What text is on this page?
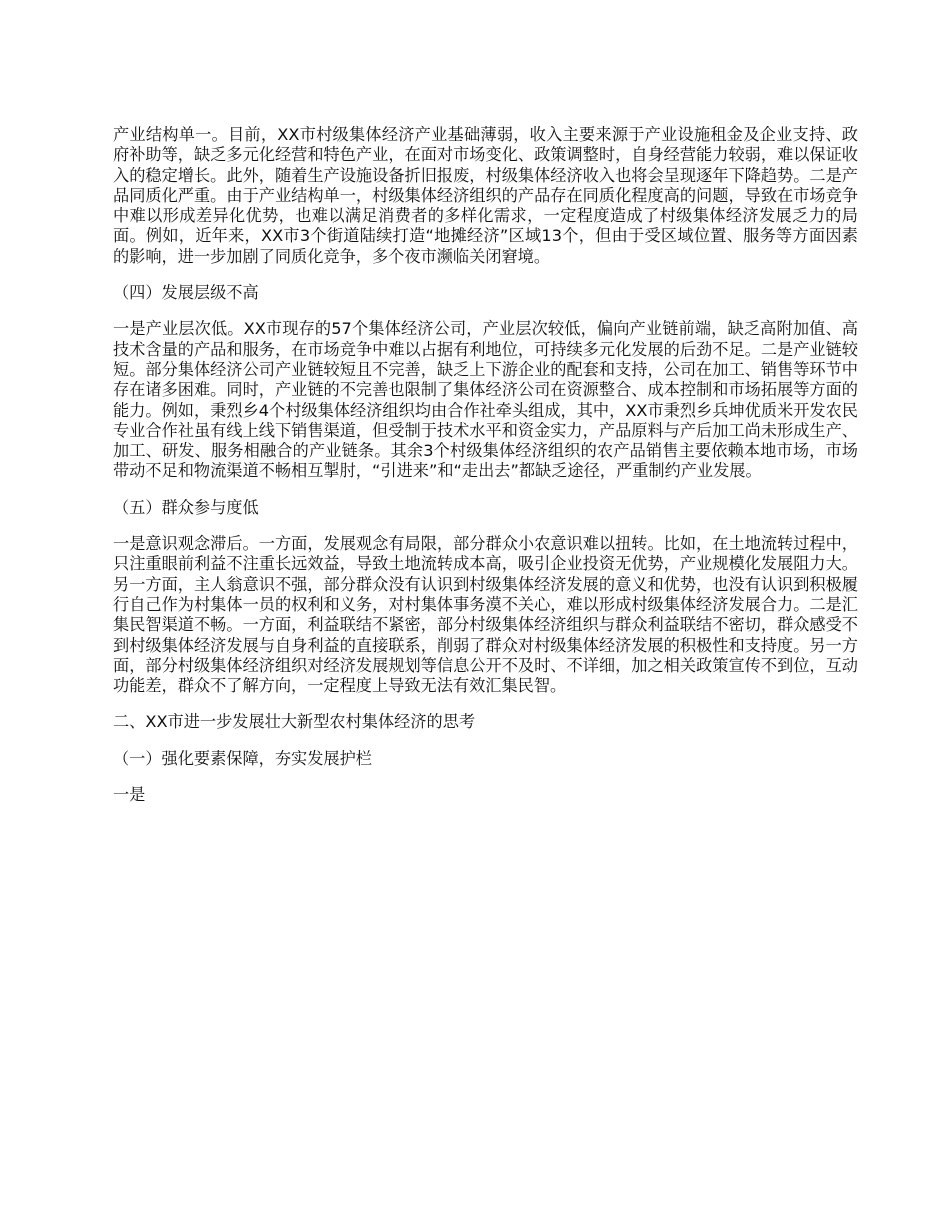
产业结构单一。目前，XX市村级集体经济产业基础薄弱，收入主要来源于产业设施租金及企业支持、政府补助等，缺乏多元化经营和特色产业，在面对市场变化、政策调整时，自身经营能力较弱，难以保证收入的稳定增长。此外，随着生产设施设备折旧报废，村级集体经济收入也将会呈现逐年下降趋势。二是产品同质化严重。由于产业结构单一，村级集体经济组织的产品存在同质化程度高的问题，导致在市场竞争中难以形成差异化优势，也难以满足消费者的多样化需求，一定程度造成了村级集体经济发展乏力的局面。例如，近年来，XX市3个街道陆续打造“地摊经济”区域13个，但由于受区域位置、服务等方面因素的影响，进一步加剧了同质化竞争，多个夜市濒临关闭窘境。

（四）发展层级不高

一是产业层次低。XX市现存的57个集体经济公司，产业层次较低，偏向产业链前端，缺乏高附加值、高技术含量的产品和服务，在市场竞争中难以占据有利地位，可持续多元化发展的后劲不足。二是产业链较短。部分集体经济公司产业链较短且不完善，缺乏上下游企业的配套和支持，公司在加工、销售等环节中存在诸多困难。同时，产业链的不完善也限制了集体经济公司在资源整合、成本控制和市场拓展等方面的能力。例如，秉烈乡4个村级集体经济组织均由合作社牵头组成，其中，XX市秉烈乡兵坤优质米开发农民专业合作社虽有线上线下销售渠道，但受制于技术水平和资金实力，产品原料与产后加工尚未形成生产、加工、研发、服务相融合的产业链条。其余3个村级集体经济组织的农产品销售主要依赖本地市场，市场带动不足和物流渠道不畅相互掣肘，“引进来”和“走出去”都缺乏途径，严重制约产业发展。

（五）群众参与度低

一是意识观念滞后。一方面，发展观念有局限，部分群众小农意识难以扭转。比如，在土地流转过程中，只注重眼前利益不注重长远效益，导致土地流转成本高，吸引企业投资无优势，产业规模化发展阻力大。另一方面，主人翁意识不强，部分群众没有认识到村级集体经济发展的意义和优势，也没有认识到积极履行自己作为村集体一员的权利和义务，对村集体事务漠不关心，难以形成村级集体经济发展合力。二是汇集民智渠道不畅。一方面，利益联结不紧密，部分村级集体经济组织与群众利益联结不密切，群众感受不到村级集体经济发展与自身利益的直接联系，削弱了群众对村级集体经济发展的积极性和支持度。另一方面，部分村级集体经济组织对经济发展规划等信息公开不及时、不详细，加之相关政策宣传不到位，互动功能差，群众不了解方向，一定程度上导致无法有效汇集民智。

二、XX市进一步发展壮大新型农村集体经济的思考

（一）强化要素保障，夯实发展护栏

一是
